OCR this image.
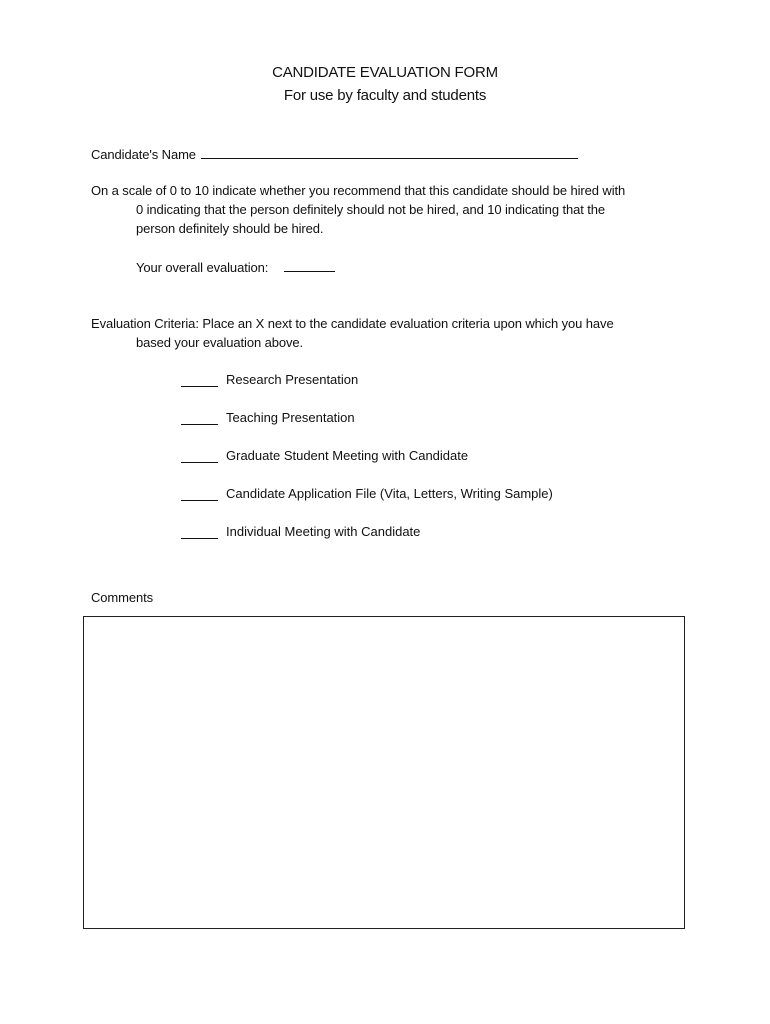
CANDIDATE EVALUATION FORM
For use by faculty and students
Candidate's Name
On a scale of 0 to 10 indicate whether you recommend that this candidate should be hired with
0 indicating that the person definitely should not be hired, and 10 indicating that the
person definitely should be hired.
Your overall evaluation:
Evaluation Criteria: Place an X next to the candidate evaluation criteria upon which you have
based your evaluation above.
Research Presentation
Teaching Presentation
Graduate Student Meeting with Candidate
Candidate Application File (Vita, Letters, Writing Sample)
Individual Meeting with Candidate
Comments
